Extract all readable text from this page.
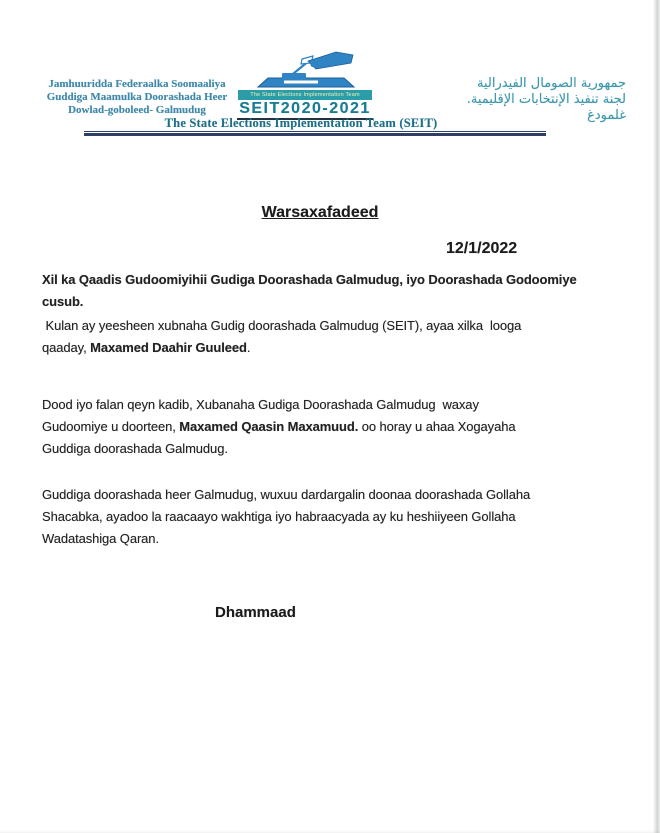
Jamhuuridda Federaalka Soomaaliya
Guddiga Maamulka Doorashada Heer
Dowlad-goboleed- Galmudug
The State Elections Implementation Team
SEIT2020-2021
جمهورية الصومال الفيدرالية
لجنة تنفيذ الإنتخابات الإقليمية. غلمودغ
The State Elections Implementation Team (SEIT)
Warsaxafadeed
12/1/2022
Xil ka Qaadis Gudoomiyihii Gudiga Doorashada Galmudug, iyo Doorashada Godoomiye
cusub.
Kulan ay yeesheen xubnaha Gudig doorashada Galmudug (SEIT), ayaa xilka  looga
qaaday, Maxamed Daahir Guuleed.
Dood iyo falan qeyn kadib, Xubanaha Gudiga Doorashada Galmudug  waxay
Gudoomiye u doorteen, Maxamed Qaasin Maxamuud. oo horay u ahaa Xogayaha
Guddiga doorashada Galmudug.
Guddiga doorashada heer Galmudug, wuxuu dardargalin doonaa doorashada Gollaha
Shacabka, ayadoo la raacaayo wakhtiga iyo habraacyada ay ku heshiiyeen Gollaha
Wadatashiga Qaran.
Dhammaad
